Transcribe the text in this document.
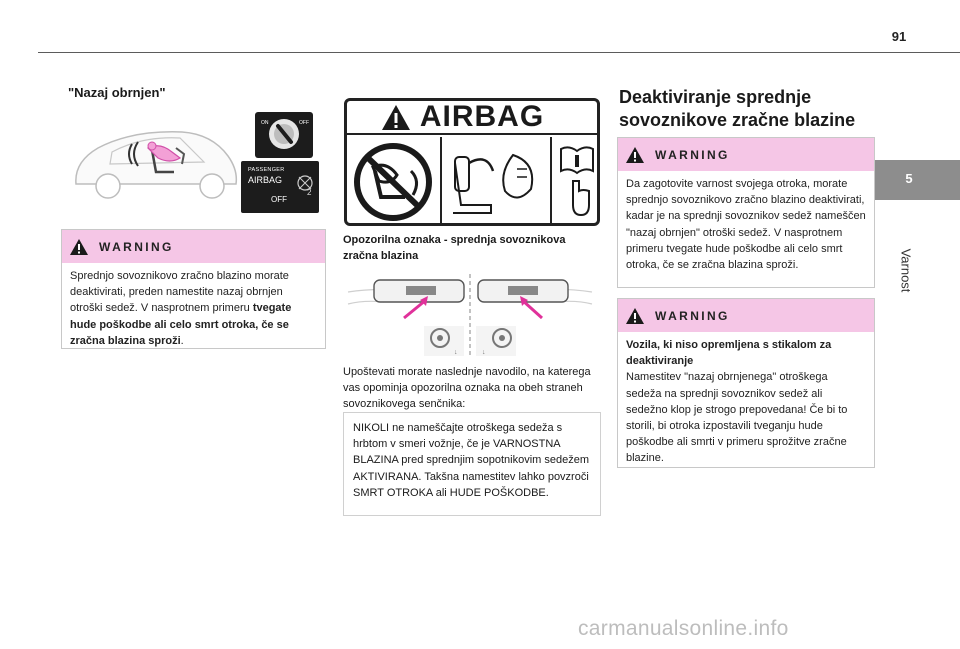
91
5
Varnost
"Nazaj obrnjen"
ON	OFF
PASSENGER
AIRBAG
2
OFF
WARNING
Sprednjo sovoznikovo zračno blazino morate deaktivirati, preden namestite nazaj obrnjen otroški sedež. V nasprotnem primeru tvegate hude poškodbe ali celo smrt otroka, če se zračna blazina sproži.
AIRBAG
Opozorilna oznaka - sprednja sovoznikova zračna blazina
↓	↓
Upoštevati morate naslednje navodilo, na katerega vas opominja opozorilna oznaka na obeh straneh sovoznikovega senčnika:
NIKOLI ne nameščajte otroškega sedeža s hrbtom v smeri vožnje, če je VARNOSTNA BLAZINA pred sprednjim sopotnikovim sedežem AKTIVIRANA. Takšna namestitev lahko povzroči SMRT OTROKA ali HUDE POŠKODBE.
Deaktiviranje sprednje sovoznikove zračne blazine
WARNING
Da zagotovite varnost svojega otroka, morate sprednjo sovoznikovo zračno blazino deaktivirati, kadar je na sprednji sovoznikov sedež nameščen "nazaj obrnjen" otroški sedež. V nasprotnem primeru tvegate hude poškodbe ali celo smrt otroka, če se zračna blazina sproži.
WARNING
Vozila, ki niso opremljena s stikalom za deaktiviranje
Namestitev "nazaj obrnjenega" otroškega sedeža na sprednji sovoznikov sedež ali sedežno klop je strogo prepovedana! Če bi to storili, bi otroka izpostavili tveganju hude poškodbe ali smrti v primeru sprožitve zračne blazine.
carmanualsonline.info
